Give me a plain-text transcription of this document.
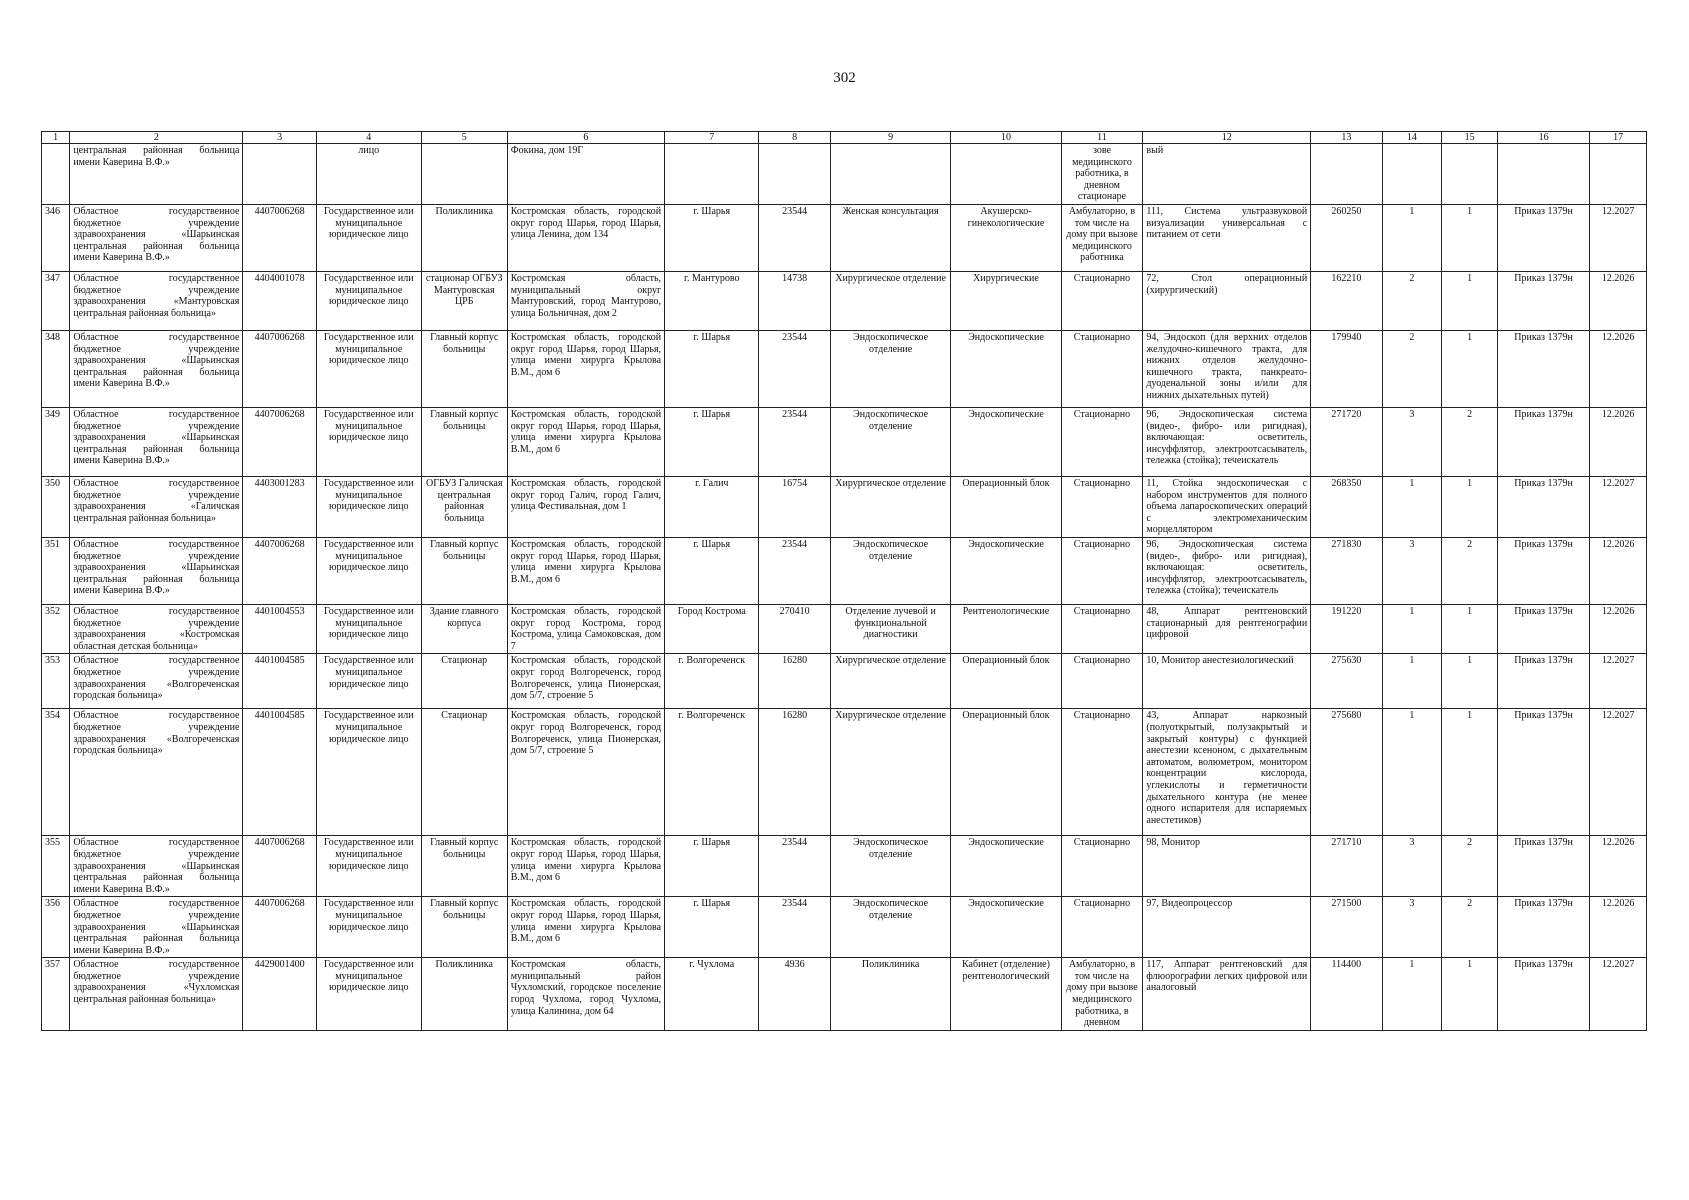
302
1	2	3	4	5	6	7	8	9	10	11	12	13	14	15	16	17
	центральная районная больница имени Каверина В.Ф.»		лицо		Фокина, дом 19Г					зове медицинского работника, в дневном стационаре	вый					
346	Областное государственное бюджетное учреждение здравоохранения «Шарьинская центральная районная больница имени Каверина В.Ф.»	4407006268	Государственное или муниципальное юридическое лицо	Поликлиника	Костромская область, городской округ город Шарья, город Шарья, улица Ленина, дом 134	г. Шарья	23544	Женская консультация	Акушерско-гинекологические	Амбулаторно, в том числе на дому при вызове медицинского работника	111, Система ультразвуковой визуализации универсальная с питанием от сети	260250	1	1	Приказ 1379н	12.2027
347	Областное государственное бюджетное учреждение здравоохранения «Мантуровская центральная районная больница»	4404001078	Государственное или муниципальное юридическое лицо	стационар ОГБУЗ Мантуровская ЦРБ	Костромская область, муниципальный округ Мантуровский, город Мантурово, улица Больничная, дом 2	г. Мантурово	14738	Хирургическое отделение	Хирургические	Стационарно	72, Стол операционный (хирургический)	162210	2	1	Приказ 1379н	12.2026
348	Областное государственное бюджетное учреждение здравоохранения «Шарьинская центральная районная больница имени Каверина В.Ф.»	4407006268	Государственное или муниципальное юридическое лицо	Главный корпус больницы	Костромская область, городской округ город Шарья, город Шарья, улица имени хирурга Крылова В.М., дом 6	г. Шарья	23544	Эндоскопическое отделение	Эндоскопические	Стационарно	94, Эндоскоп (для верхних отделов желудочно-кишечного тракта, для нижних отделов желудочно-кишечного тракта, панкреато-дуоденальной зоны и/или для нижних дыхательных путей)	179940	2	1	Приказ 1379н	12.2026
349	Областное государственное бюджетное учреждение здравоохранения «Шарьинская центральная районная больница имени Каверина В.Ф.»	4407006268	Государственное или муниципальное юридическое лицо	Главный корпус больницы	Костромская область, городской округ город Шарья, город Шарья, улица имени хирурга Крылова В.М., дом 6	г. Шарья	23544	Эндоскопическое отделение	Эндоскопические	Стационарно	96, Эндоскопическая система (видео-, фибро- или ригидная), включающая: осветитель, инсуффлятор, электроотсасыватель, тележка (стойка); течеискатель	271720	3	2	Приказ 1379н	12.2026
350	Областное государственное бюджетное учреждение здравоохранения «Галичская центральная районная больница»	4403001283	Государственное или муниципальное юридическое лицо	ОГБУЗ Галичская центральная районная больница	Костромская область, городской округ город Галич, город Галич, улица Фестивальная, дом 1	г. Галич	16754	Хирургическое отделение	Операционный блок	Стационарно	11, Стойка эндоскопическая с набором инструментов для полного объема лапароскопических операций с электромеханическим морцеллятором	268350	1	1	Приказ 1379н	12.2027
351	Областное государственное бюджетное учреждение здравоохранения «Шарьинская центральная районная больница имени Каверина В.Ф.»	4407006268	Государственное или муниципальное юридическое лицо	Главный корпус больницы	Костромская область, городской округ город Шарья, город Шарья, улица имени хирурга Крылова В.М., дом 6	г. Шарья	23544	Эндоскопическое отделение	Эндоскопические	Стационарно	96, Эндоскопическая система (видео-, фибро- или ригидная), включающая: осветитель, инсуффлятор, электроотсасыватель, тележка (стойка); течеискатель	271830	3	2	Приказ 1379н	12.2026
352	Областное государственное бюджетное учреждение здравоохранения «Костромская областная детская больница»	4401004553	Государственное или муниципальное юридическое лицо	Здание главного корпуса	Костромская область, городской округ город Кострома, город Кострома, улица Самоковская, дом 7	Город Кострома	270410	Отделение лучевой и функциональной диагностики	Рентгенологические	Стационарно	48, Аппарат рентгеновский стационарный для рентгенографии цифровой	191220	1	1	Приказ 1379н	12.2026
353	Областное государственное бюджетное учреждение здравоохранения «Волгореченская городская больница»	4401004585	Государственное или муниципальное юридическое лицо	Стационар	Костромская область, городской округ город Волгореченск, город Волгореченск, улица Пионерская, дом 5/7, строение 5	г. Волгореченск	16280	Хирургическое отделение	Операционный блок	Стационарно	10, Монитор анестезиологический	275630	1	1	Приказ 1379н	12.2027
354	Областное государственное бюджетное учреждение здравоохранения «Волгореченская городская больница»	4401004585	Государственное или муниципальное юридическое лицо	Стационар	Костромская область, городской округ город Волгореченск, город Волгореченск, улица Пионерская, дом 5/7, строение 5	г. Волгореченск	16280	Хирургическое отделение	Операционный блок	Стационарно	43, Аппарат наркозный (полуоткрытый, полузакрытый и закрытый контуры) с функцией анестезии ксеноном, с дыхательным автоматом, волюметром, монитором концентрации кислорода, углекислоты и герметичности дыхательного контура (не менее одного испарителя для испаряемых анестетиков)	275680	1	1	Приказ 1379н	12.2027
355	Областное государственное бюджетное учреждение здравоохранения «Шарьинская центральная районная больница имени Каверина В.Ф.»	4407006268	Государственное или муниципальное юридическое лицо	Главный корпус больницы	Костромская область, городской округ город Шарья, город Шарья, улица имени хирурга Крылова В.М., дом 6	г. Шарья	23544	Эндоскопическое отделение	Эндоскопические	Стационарно	98, Монитор	271710	3	2	Приказ 1379н	12.2026
356	Областное государственное бюджетное учреждение здравоохранения «Шарьинская центральная районная больница имени Каверина В.Ф.»	4407006268	Государственное или муниципальное юридическое лицо	Главный корпус больницы	Костромская область, городской округ город Шарья, город Шарья, улица имени хирурга Крылова В.М., дом 6	г. Шарья	23544	Эндоскопическое отделение	Эндоскопические	Стационарно	97, Видеопроцессор	271500	3	2	Приказ 1379н	12.2026
357	Областное государственное бюджетное учреждение здравоохранения «Чухломская центральная районная больница»	4429001400	Государственное или муниципальное юридическое лицо	Поликлиника	Костромская область, муниципальный район Чухломский, городское поселение город Чухлома, город Чухлома, улица Калинина, дом 64	г. Чухлома	4936	Поликлиника	Кабинет (отделение) рентгенологический	Амбулаторно, в том числе на дому при вызове медицинского работника, в дневном	117, Аппарат рентгеновский для флюорографии легких цифровой или аналоговый	114400	1	1	Приказ 1379н	12.2027
